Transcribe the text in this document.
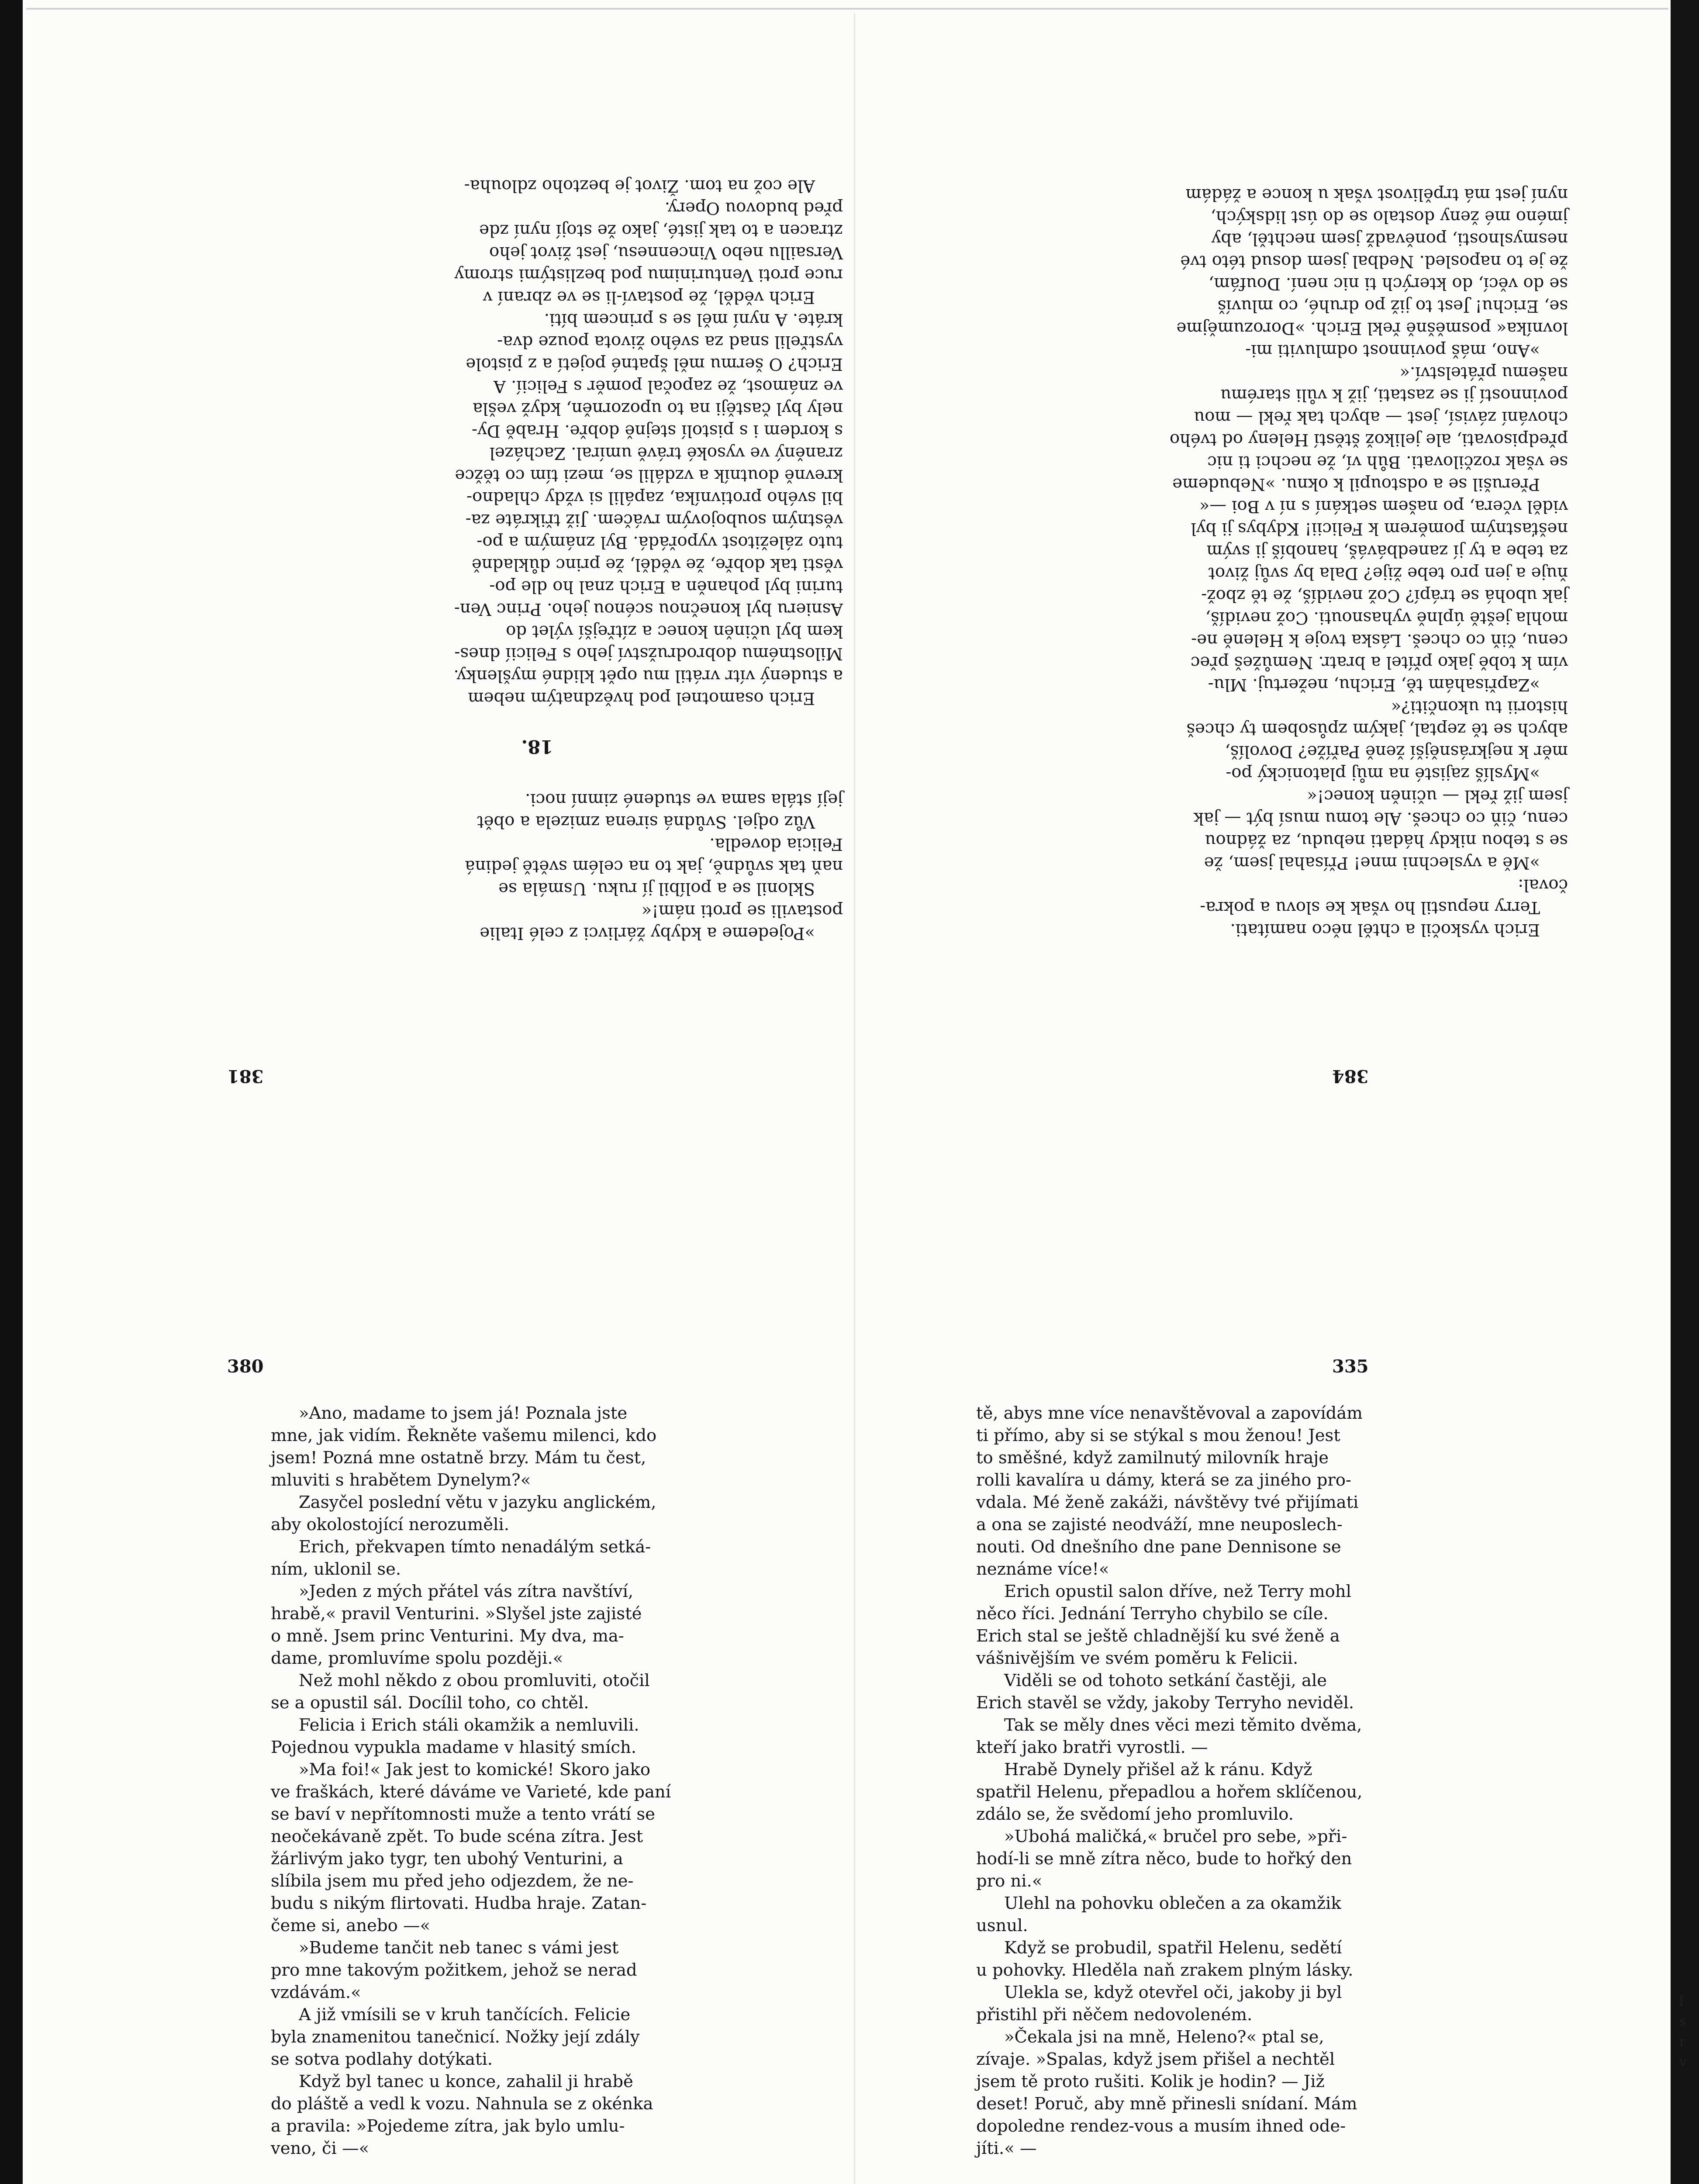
381	384
380	335

»Pojedeme a kdyby žárlivci z celé Italie

postavili se proti nám!«

Sklonil se a políbil jí ruku. Usmála se

naň tak svůdně, jak to na celém světě jediná

Felicia dovedla.

Vůz odjel. Svůdná sirena zmizela a obět

její stála sama ve studené zimní noci.

18.

Erich osamotnel pod hvězdnatým nebem

a studený vítr vrátil mu opět klidné myšlenky.

Milostnému dobrodružství jeho s Felicií dnes-

kem byl učiněn konec a zítřejší výlet do

Asnieru byl konečnou scénou jeho. Princ Ven-

turini byl pohaněn a Erich znal ho dle po-

věsti tak dobře, že věděl, že princ důkladně

tuto záležitost vypořádá. Byl známým a po-

věstným soubojovým rváčem. Již třikráte za-

bil svého protivníka, zapálil si vždy chladno-

krevně doutník a vzdálil se, mezi tím co těžce

zraněný ve vysoké trávě umíral. Zacházel

s kordem i s pistolí stejně dobře. Hrabě Dy-

nely byl častěji na to upozorněn, když vešla

ve známost, že započal poměr s Felicií. A

Erich? O šermu měl špatné pojetí a z pistole

vystřelil snad za svého života pouze dva-

kráte. A nyní měl se s princem bíti.

Erich věděl, že postaví-li se ve zbraní v

ruce proti Venturinimu pod bezlistými stromy

Versaillu nebo Vincennesu, jest život jeho

ztracen a to tak jisté, jako že stojí nyní zde

před budovou Opery.

Ale což na tom. Život je beztoho zdlouha-

Erich vyskočil a chtěl něco namítati.

Terry nepustil ho však ke slovu a pokra-

čoval:

»Mě a vyslechni mne! Přísahal jsem, že

se s tebou nikdy hádati nebudu, za žádnou

cenu, čiň co chceš. Ale tomu musí být — jak

jsem již řekl — učiněn konec!«

»Myslíš zajisté na můj platonický po-

měr k nejkrásnější ženě Paříže? Dovolíš,

abych se tě zeptal, jakým způsobem ty chceš

historii tu ukončiti?«

»Zapřisahám tě, Erichu, nežertuj. Mlu-

vím k tobě jako přítel a bratr. Nemůžeš přec

cenu, čiň co chceš. Láska tvoje k Heleně ne-

mohla ještě úplně vyhasnouti. Což nevidíš,

jak ubohá se trápí? Což nevidíš, že tě zbož-

ňuje a jen pro tebe žije? Dala by svůj život

za tebe a ty jí zanedbáváš, hanobíš ji svým

nešťastným poměrem k Felicii! Kdybys ji byl

viděl včera, po našem setkání s ní v Boi —«

Přerušil se a odstoupil k oknu. »Nebudeme

se však rozčilovati. Bůh ví, že nechci ti nic

předpisovati, ale jelikož štěstí Heleny od tvého

chování závisí, jest — abych tak řekl — mou

povinností ji se zastati, již k vůli starému

našemu přátelství.«

»Ano, máš povinnost odmluviti mi-

lovníka« posměšně řekl Erich. »Dorozumějme

se, Erichu! Jest to již po druhé, co mluvíš

se do věcí, do kterých ti nic není. Doufám,

že je to naposled. Nedbal jsem dosud této tvé

nesmyslnosti, poněvadž jsem nechtěl, aby

jméno mé ženy dostalo se do úst lidských,

nyní jest má trpělivost však u konce a žádám

»Ano, madame to jsem já! Poznala jste

mne, jak vidím. Řekněte vašemu milenci, kdo

jsem! Pozná mne ostatně brzy. Mám tu čest,

mluviti s hrabětem Dynelym?«

Zasyčel poslední větu v jazyku anglickém,

aby okolostojící nerozuměli.

Erich, překvapen tímto nenadálým setká-

ním, uklonil se.

»Jeden z mých přátel vás zítra navštíví,

hrabě,« pravil Venturini. »Slyšel jste zajisté

o mně. Jsem princ Venturini. My dva, ma-

dame, promluvíme spolu později.«

Než mohl někdo z obou promluviti, otočil

se a opustil sál. Docílil toho, co chtěl.

Felicia i Erich stáli okamžik a nemluvili.

Pojednou vypukla madame v hlasitý smích.

»Ma foi!« Jak jest to komické! Skoro jako

ve fraškách, které dáváme ve Varieté, kde paní

se baví v nepřítomnosti muže a tento vrátí se

neočekávaně zpět. To bude scéna zítra. Jest

žárlivým jako tygr, ten ubohý Venturini, a

slíbila jsem mu před jeho odjezdem, že ne-

budu s nikým flirtovati. Hudba hraje. Zatan-

čeme si, anebo —«

»Budeme tančit neb tanec s vámi jest

pro mne takovým požitkem, jehož se nerad

vzdávám.«

A již vmísili se v kruh tančících. Felicie

byla znamenitou tanečnicí. Nožky její zdály

se sotva podlahy dotýkati.

Když byl tanec u konce, zahalil ji hrabě

do pláště a vedl k vozu. Nahnula se z okénka

a pravila: »Pojedeme zítra, jak bylo umlu-

veno, či —«

tě, abys mne více nenavštěvoval a zapovídám

ti přímo, aby si se stýkal s mou ženou! Jest

to směšné, když zamilnutý milovník hraje

rolli kavalíra u dámy, která se za jiného pro-

vdala. Mé ženě zakáži, návštěvy tvé přijímati

a ona se zajisté neodváží, mne neuposlech-

nouti. Od dnešního dne pane Dennisone se

neznáme více!«

Erich opustil salon dříve, než Terry mohl

něco říci. Jednání Terryho chybilo se cíle.

Erich stal se ještě chladnější ku své ženě a

vášnivějším ve svém poměru k Felicii.

Viděli se od tohoto setkání častěji, ale

Erich stavěl se vždy, jakoby Terryho neviděl.

Tak se měly dnes věci mezi těmito dvěma,

kteří jako bratři vyrostli. —

Hrabě Dynely přišel až k ránu. Když

spatřil Helenu, přepadlou a hořem sklíčenou,

zdálo se, že svědomí jeho promluvilo.

»Ubohá maličká,« bručel pro sebe, »při-

hodí-li se mně zítra něco, bude to hořký den

pro ni.«

Ulehl na pohovku oblečen a za okamžik

usnul.

Když se probudil, spatřil Helenu, sedětí

u pohovky. Hleděla naň zrakem plným lásky.

Ulekla se, když otevřel oči, jakoby ji byl

přistihl při něčem nedovoleném.

»Čekala jsi na mně, Heleno?« ptal se,

zívaje. »Spalas, když jsem přišel a nechtěl

jsem tě proto rušiti. Kolik je hodin? — Již

deset! Poruč, aby mně přinesli snídaní. Mám

dopoledne rendez-vous a musím ihned ode-

jíti.« —

l
s
r
v
